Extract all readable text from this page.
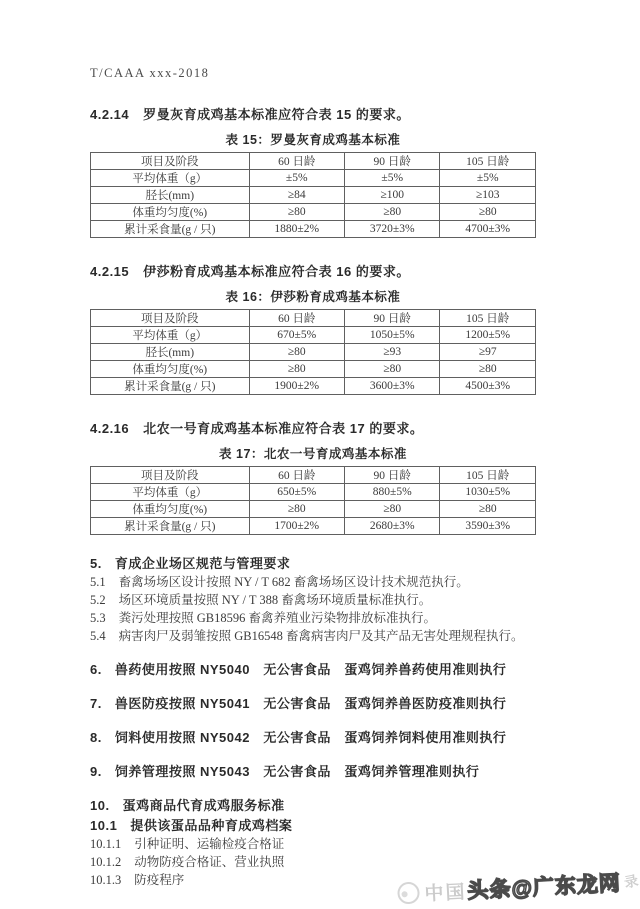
T/CAAA xxx-2018

4.2.14 罗曼灰育成鸡基本标准应符合表 15 的要求。

表 15：罗曼灰育成鸡基本标准

项目及阶段	60 日龄	90 日龄	105 日龄
平均体重（g）	±5%	±5%	±5%
胫长(mm)	≥84	≥100	≥103
体重均匀度(%)	≥80	≥80	≥80
累计采食量(g / 只)	1880±2%	3720±3%	4700±3%

4.2.15 伊莎粉育成鸡基本标准应符合表 16 的要求。

表 16：伊莎粉育成鸡基本标准

项目及阶段	60 日龄	90 日龄	105 日龄
平均体重（g）	670±5%	1050±5%	1200±5%
胫长(mm)	≥80	≥93	≥97
体重均匀度(%)	≥80	≥80	≥80
累计采食量(g / 只)	1900±2%	3600±3%	4500±3%

4.2.16 北农一号育成鸡基本标准应符合表 17 的要求。

表 17：北农一号育成鸡基本标准

项目及阶段	60 日龄	90 日龄	105 日龄
平均体重（g）	650±5%	880±5%	1030±5%
体重均匀度(%)	≥80	≥80	≥80
累计采食量(g / 只)	1700±2%	2680±3%	3590±3%

5. 育成企业场区规范与管理要求

5.1 畜禽场场区设计按照 NY / T 682 畜禽场场区设计技术规范执行。

5.2 场区环境质量按照 NY / T 388 畜禽场环境质量标准执行。

5.3 粪污处理按照 GB18596 畜禽养殖业污染物排放标准执行。

5.4 病害肉尸及弱雏按照 GB16548 畜禽病害肉尸及其产品无害处理规程执行。

6. 兽药使用按照 NY5040　无公害食品　蛋鸡饲养兽药使用准则执行

7. 兽医防疫按照 NY5041　无公害食品　蛋鸡饲养兽医防疫准则执行

8. 饲料使用按照 NY5042　无公害食品　蛋鸡饲养饲料使用准则执行

9. 饲养管理按照 NY5043　无公害食品　蛋鸡饲养管理准则执行

10. 蛋鸡商品代育成鸡服务标准

10.1 提供该蛋品品种育成鸡档案

10.1.1 引种证明、运输检疫合格证

10.1.2 动物防疫合格证、营业执照

10.1.3 防疫程序

中国 头条@广东龙网 录
